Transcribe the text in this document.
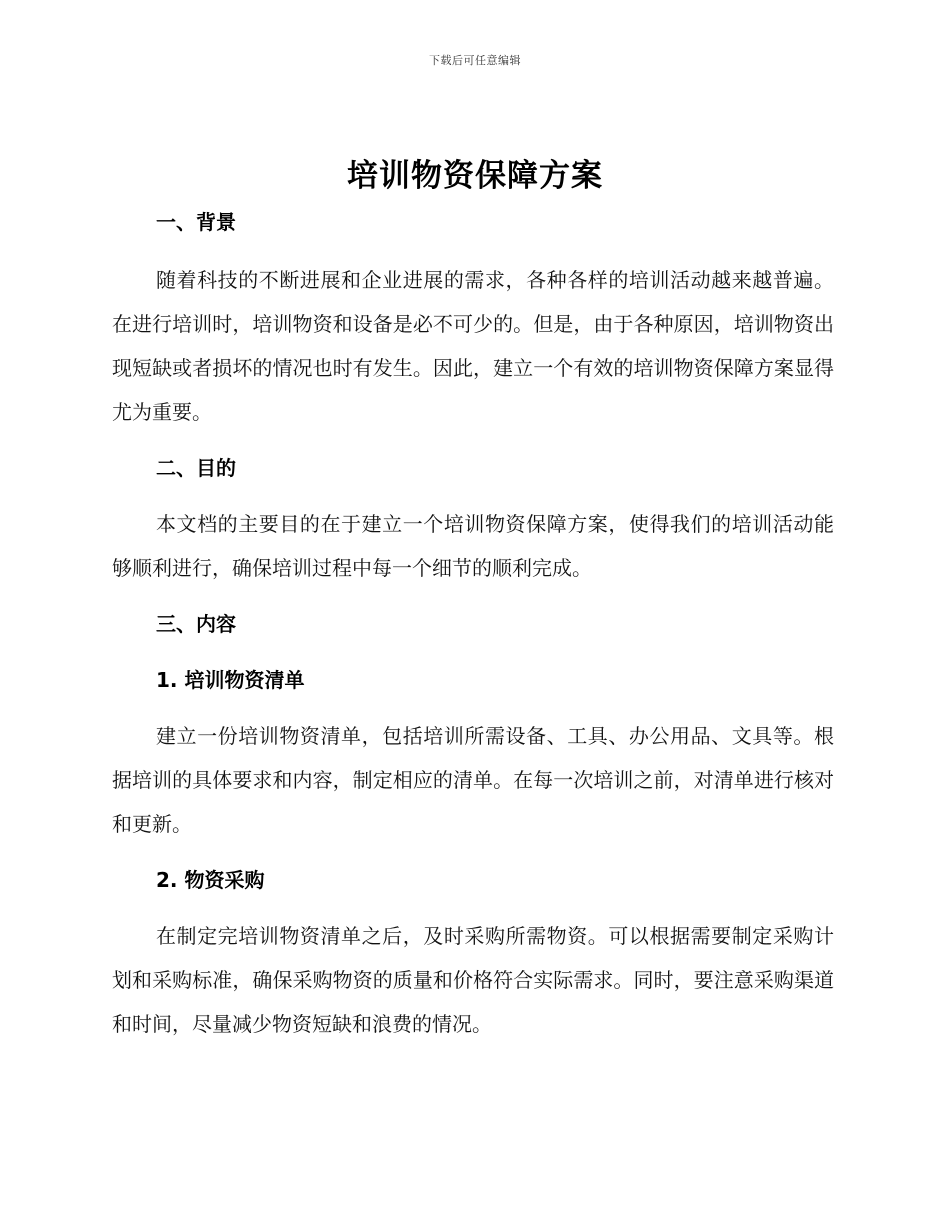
下载后可任意编辑
培训物资保障方案
一、背景

随着科技的不断进展和企业进展的需求，各种各样的培训活动越来越普遍。在进行培训时，培训物资和设备是必不可少的。但是，由于各种原因，培训物资出现短缺或者损坏的情况也时有发生。因此，建立一个有效的培训物资保障方案显得尤为重要。

二、目的

本文档的主要目的在于建立一个培训物资保障方案，使得我们的培训活动能够顺利进行，确保培训过程中每一个细节的顺利完成。

三、内容
1. 培训物资清单

建立一份培训物资清单，包括培训所需设备、工具、办公用品、文具等。根据培训的具体要求和内容，制定相应的清单。在每一次培训之前，对清单进行核对和更新。

2. 物资采购

在制定完培训物资清单之后，及时采购所需物资。可以根据需要制定采购计划和采购标准，确保采购物资的质量和价格符合实际需求。同时，要注意采购渠道和时间，尽量减少物资短缺和浪费的情况。
